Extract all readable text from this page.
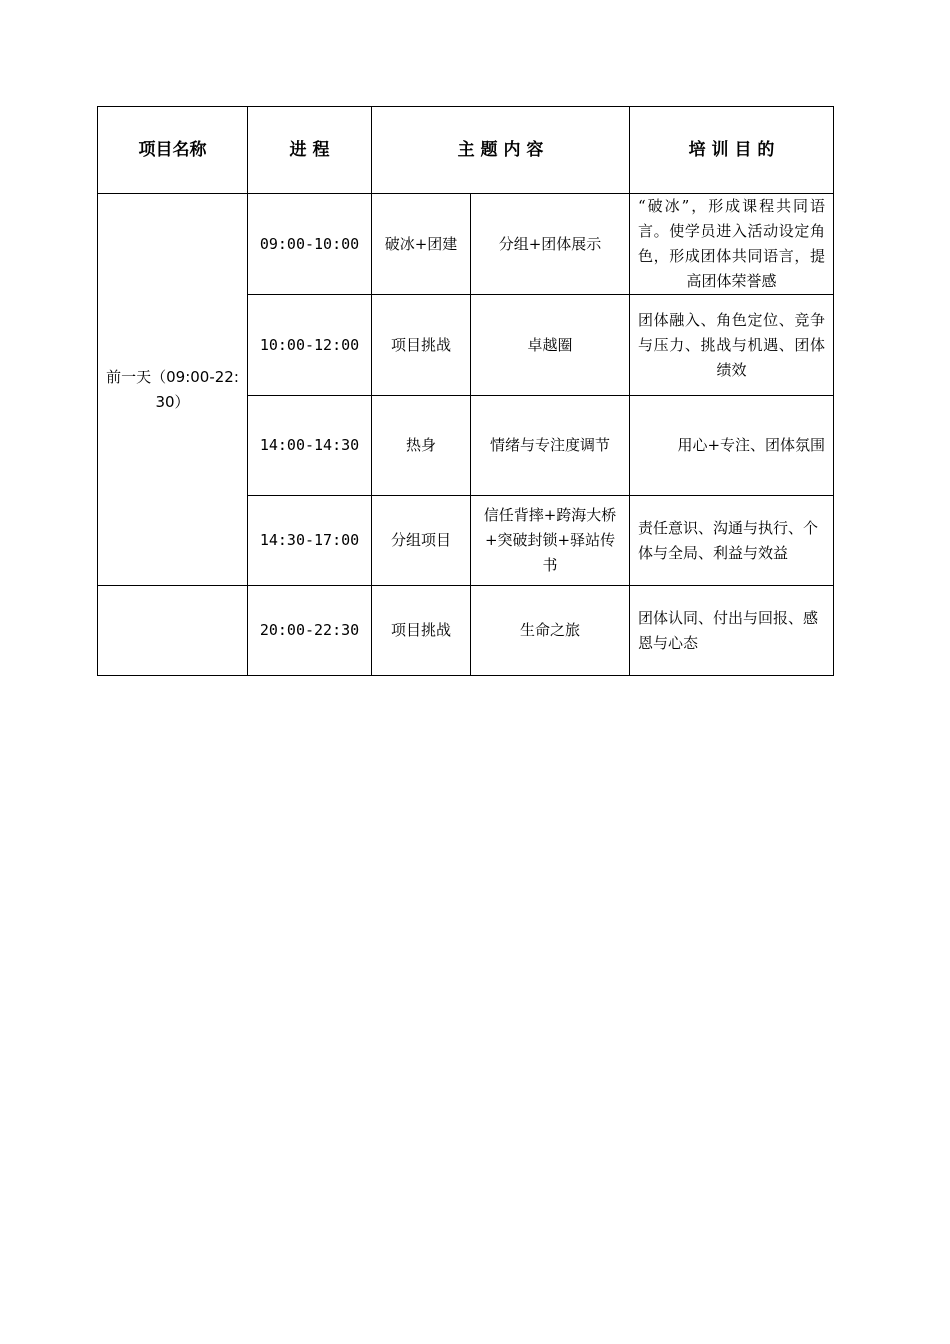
项目名称	进 程	主 题 内 容		培 训 目 的
前一天（09:00-22:30）	09:00-10:00	破冰+团建	分组+团体展示	“破冰”，形成课程共同语言。使学员进入活动设定角色，形成团体共同语言，提高团体荣誉感
	10:00-12:00	项目挑战	卓越圈	团体融入、角色定位、竞争与压力、挑战与机遇、团体绩效
	14:00-14:30	热身	情绪与专注度调节	用心+专注、团体氛围
	14:30-17:00	分组项目	信任背摔+跨海大桥+突破封锁+驿站传书	责任意识、沟通与执行、个体与全局、利益与效益
	20:00-22:30	项目挑战	生命之旅	团体认同、付出与回报、感恩与心态
